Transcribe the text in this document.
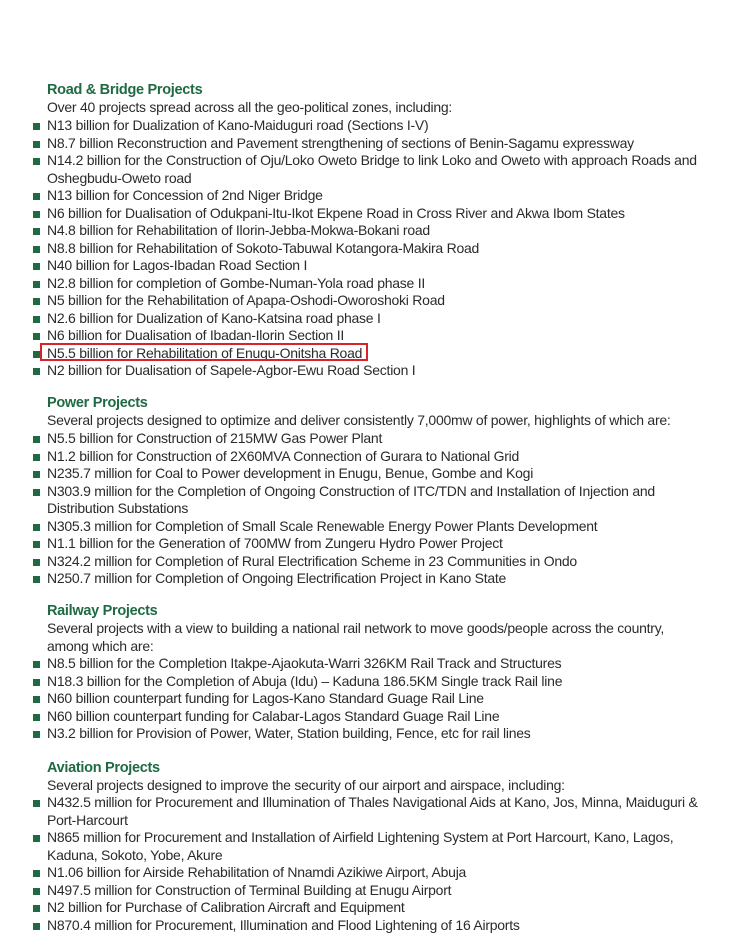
Road & Bridge Projects
Over 40 projects spread across all the geo-political zones, including:
N13 billion for Dualization of Kano-Maiduguri road (Sections I-V)
N8.7 billion Reconstruction and Pavement strengthening of sections of Benin-Sagamu expressway
N14.2 billion for the Construction of Oju/Loko Oweto Bridge to link Loko and Oweto with approach Roads and Oshegbudu-Oweto road
N13 billion for Concession of 2nd Niger Bridge
N6 billion for Dualisation of Odukpani-Itu-Ikot Ekpene Road in Cross River and Akwa Ibom States
N4.8 billion for Rehabilitation of Ilorin-Jebba-Mokwa-Bokani road
N8.8 billion for Rehabilitation of Sokoto-Tabuwal Kotangora-Makira Road
N40 billion for Lagos-Ibadan Road Section I
N2.8 billion for completion of Gombe-Numan-Yola road phase II
N5 billion for the Rehabilitation of Apapa-Oshodi-Oworoshoki Road
N2.6 billion for Dualization of Kano-Katsina road phase I
N6 billion for Dualisation of Ibadan-Ilorin Section II
N5.5 billion for Rehabilitation of Enugu-Onitsha Road
N2 billion for Dualisation of Sapele-Agbor-Ewu Road Section I
Power Projects
Several projects designed to optimize and deliver consistently 7,000mw of power, highlights of which are:
N5.5 billion for Construction of 215MW Gas Power Plant
N1.2 billion for Construction of 2X60MVA Connection of Gurara to National Grid
N235.7 million for Coal to Power development in Enugu, Benue, Gombe and Kogi
N303.9 million for the Completion of Ongoing Construction of ITC/TDN and Installation of Injection and Distribution Substations
N305.3 million for Completion of Small Scale Renewable Energy Power Plants Development
N1.1 billion for the Generation of 700MW from Zungeru Hydro Power Project
N324.2 million for Completion of Rural Electrification Scheme in 23 Communities in Ondo
N250.7 million for Completion of Ongoing Electrification Project in Kano State
Railway Projects
Several projects with a view to building a national rail network to move goods/people across the country, among which are:
N8.5 billion for the Completion Itakpe-Ajaokuta-Warri 326KM Rail Track and Structures
N18.3 billion for the Completion of Abuja (Idu) – Kaduna 186.5KM Single track Rail line
N60 billion counterpart funding for Lagos-Kano Standard Guage Rail Line
N60 billion counterpart funding for Calabar-Lagos Standard Guage Rail Line
N3.2 billion for Provision of Power, Water, Station building, Fence, etc for rail lines
Aviation Projects
Several projects designed to improve the security of our airport and airspace, including:
N432.5 million for Procurement and Illumination of Thales Navigational Aids at Kano, Jos, Minna, Maiduguri & Port-Harcourt
N865 million for Procurement and Installation of Airfield Lightening System at Port Harcourt, Kano, Lagos, Kaduna, Sokoto, Yobe, Akure
N1.06 billion for Airside Rehabilitation of Nnamdi Azikiwe Airport, Abuja
N497.5 million for Construction of Terminal Building at Enugu Airport
N2 billion for Purchase of Calibration Aircraft and Equipment
N870.4 million for Procurement, Illumination and Flood Lightening of 16 Airports
